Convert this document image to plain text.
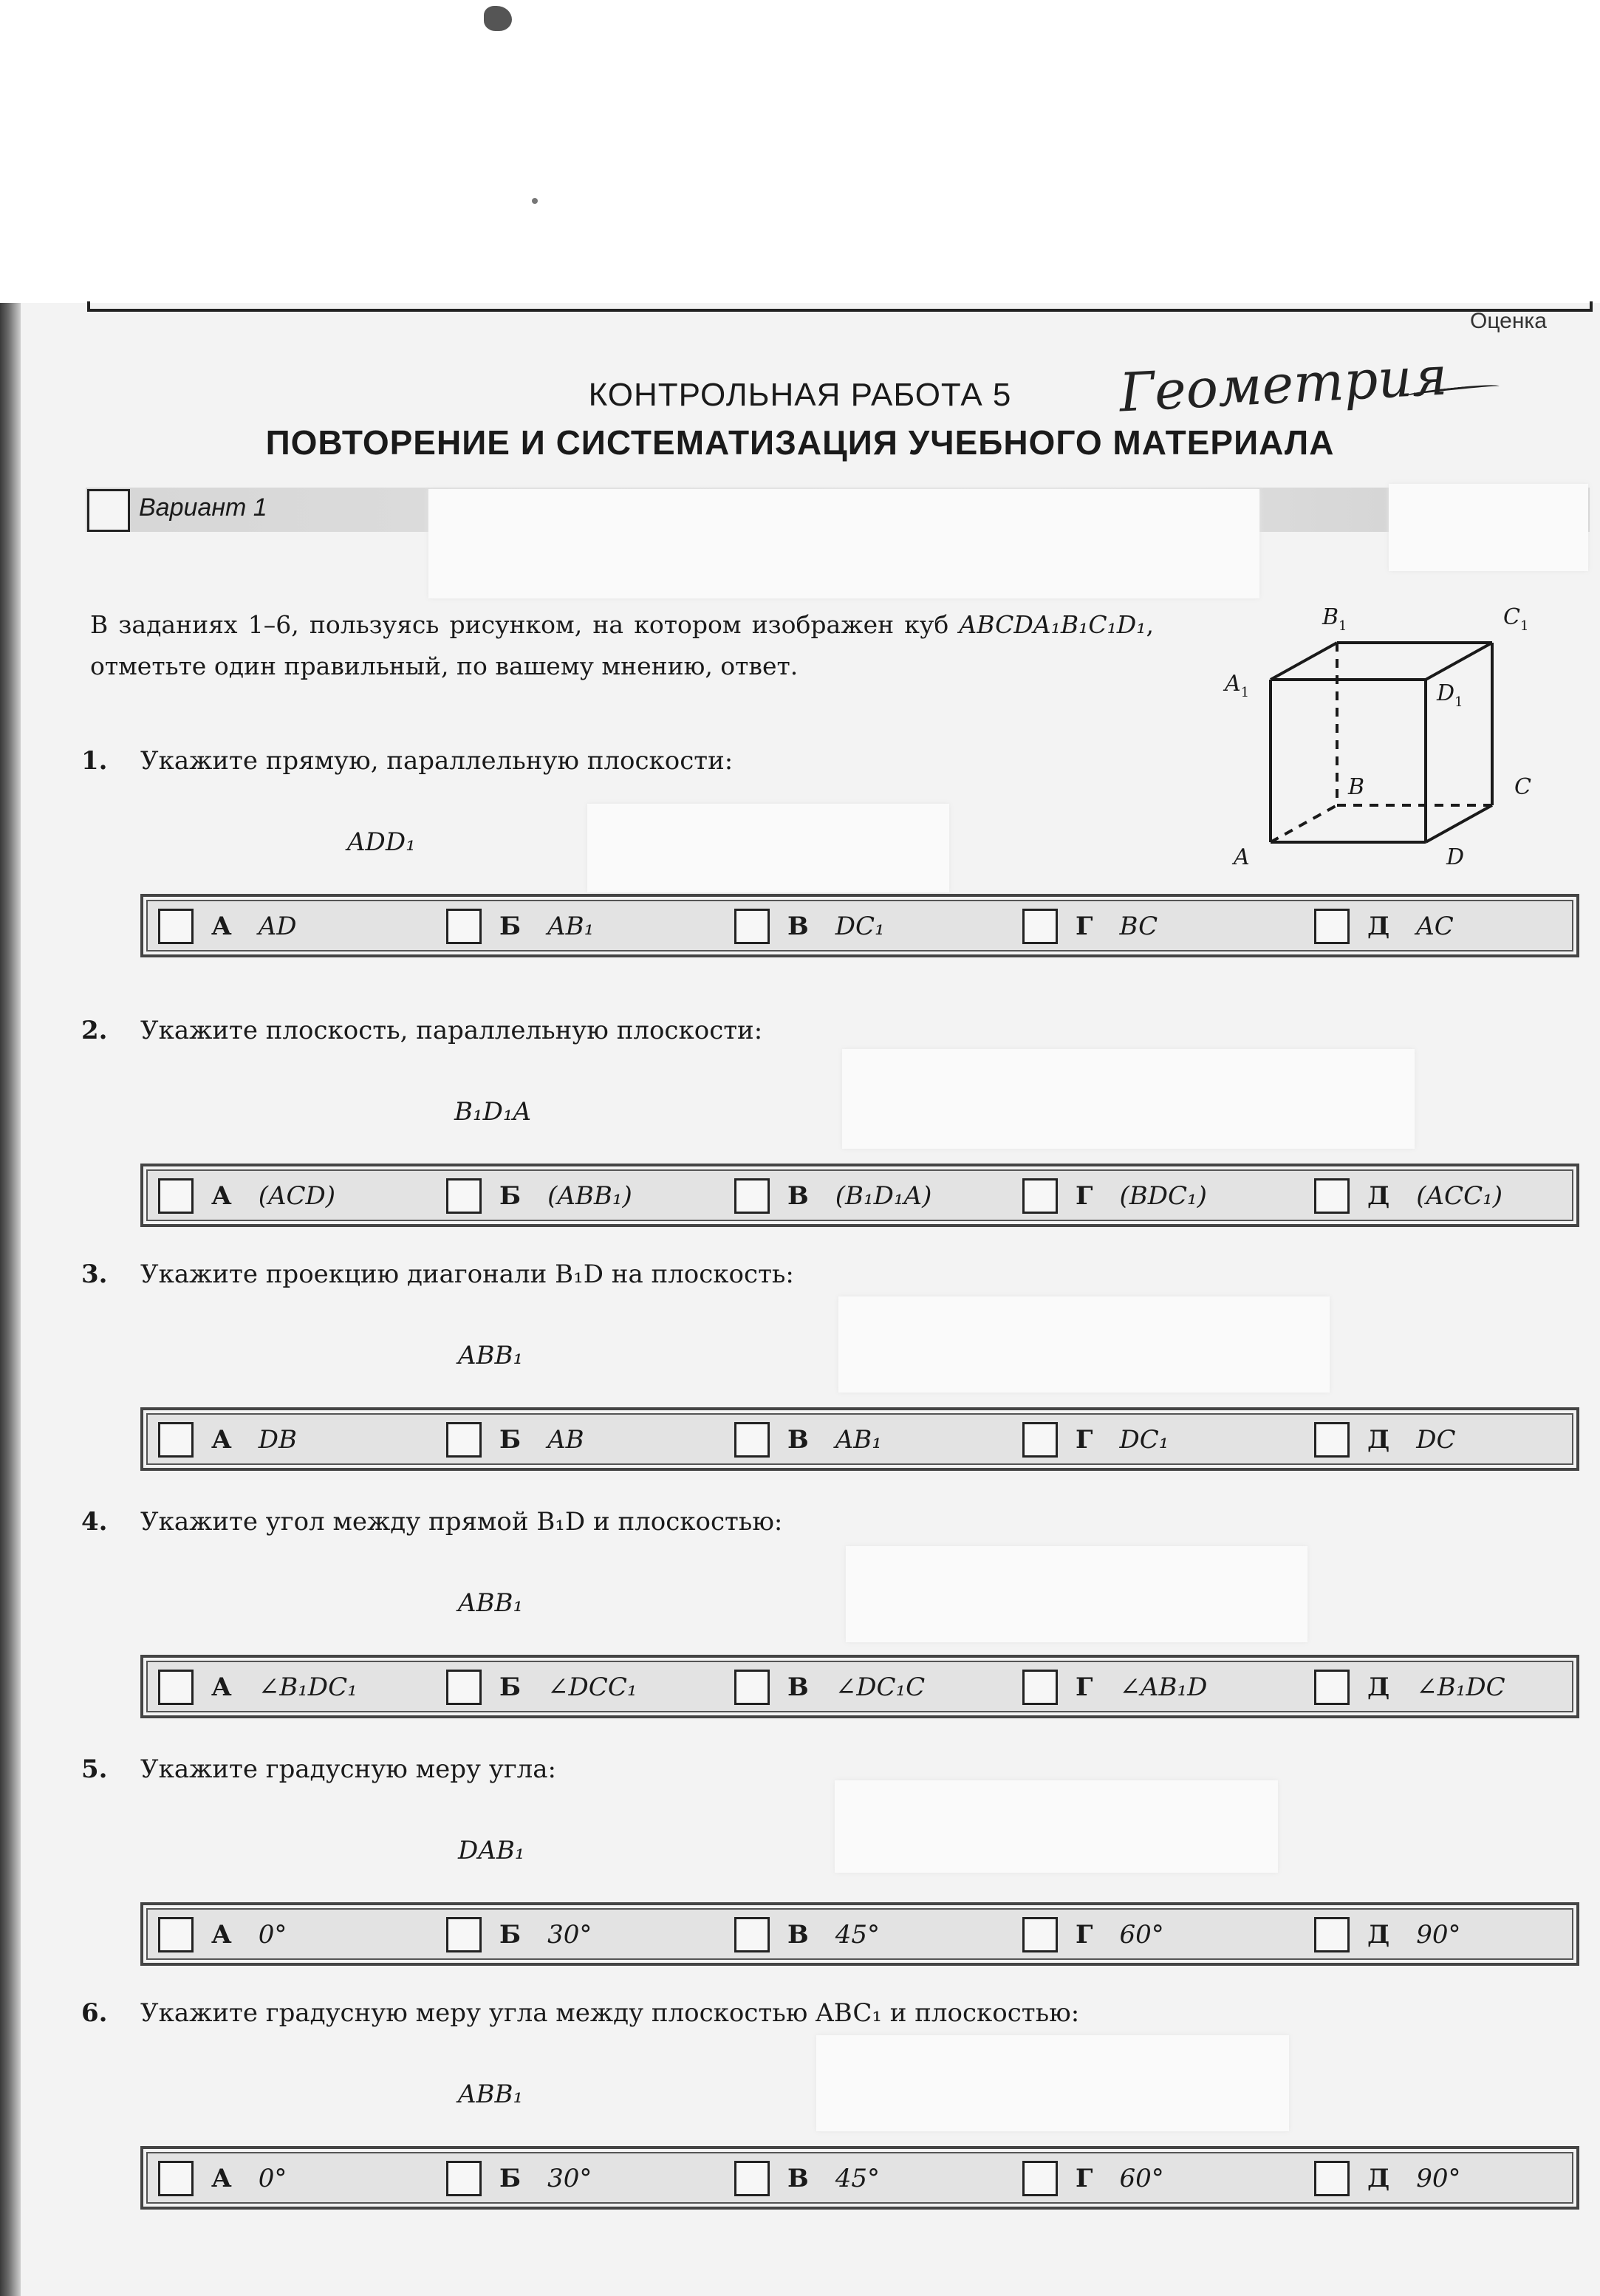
Оценка
КОНТРОЛЬНАЯ РАБОТА 5	Геометрия
ПОВТОРЕНИЕ И СИСТЕМАТИЗАЦИЯ УЧЕБНОГО МАТЕРИАЛА
Вариант 1
В заданиях 1–6, пользуясь рисунком, на котором изображен куб ABCDA₁B₁C₁D₁, отметьте один правильный, по вашему мнению, ответ.
$B_1$	$C_1$
$A_1$	$D_1$
B	C
A	D
1. Укажите прямую, параллельную плоскости:
ADD₁
А AD	Б AB₁	В DC₁	Г BC	Д AC
2. Укажите плоскость, параллельную плоскости:
B₁D₁A
А (ACD)	Б (ABB₁)	В (B₁D₁A)	Г (BDC₁)	Д (ACC₁)
3. Укажите проекцию диагонали B₁D на плоскость:
ABB₁
А DB	Б AB	В AB₁	Г DC₁	Д DC
4. Укажите угол между прямой B₁D и плоскостью:
ABB₁
А ∠B₁DC₁	Б ∠DCC₁	В ∠DC₁C	Г ∠AB₁D	Д ∠B₁DC
5. Укажите градусную меру угла:
DAB₁
А 0°	Б 30°	В 45°	Г 60°	Д 90°
6. Укажите градусную меру угла между плоскостью ABC₁ и плоскостью:
ABB₁
А 0°	Б 30°	В 45°	Г 60°	Д 90°
